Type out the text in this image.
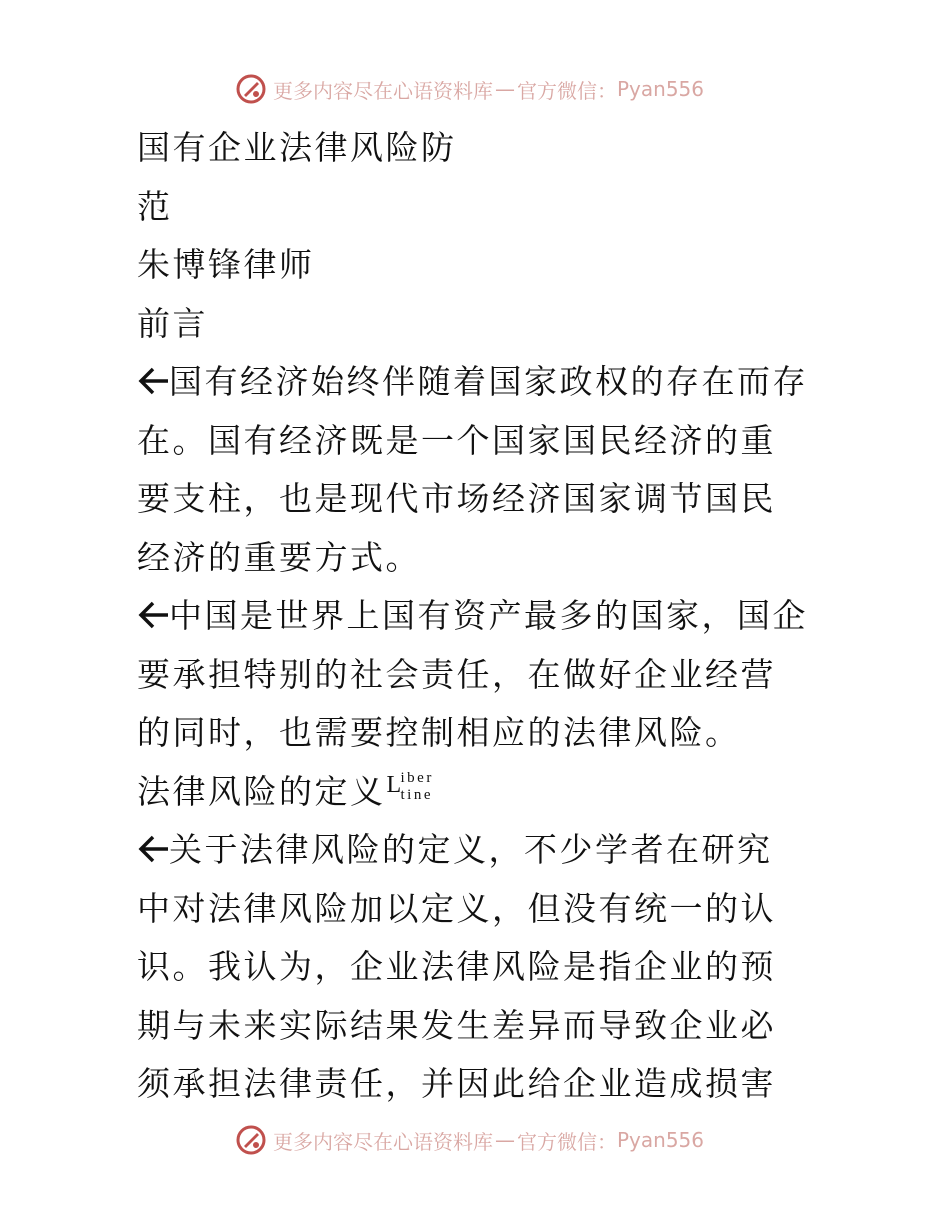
更多内容尽在心语资料库 — 官方微信： Pyan556
国有企业法律风险防
范
朱博锋律师
前言
国有经济始终伴随着国家政权的存在而存
在。国有经济既是一个国家国民经济的重
要支柱，也是现代市场经济国家调节国民
经济的重要方式。
中国是世界上国有资产最多的国家，国企
要承担特别的社会责任，在做好企业经营
的同时，也需要控制相应的法律风险。
法律风险的定义 L
iber
tine
关于法律风险的定义，不少学者在研究
中对法律风险加以定义，但没有统一的认
识。我认为，企业法律风险是指企业的预
期与未来实际结果发生差异而导致企业必
须承担法律责任，并因此给企业造成损害
更多内容尽在心语资料库 — 官方微信： Pyan556
